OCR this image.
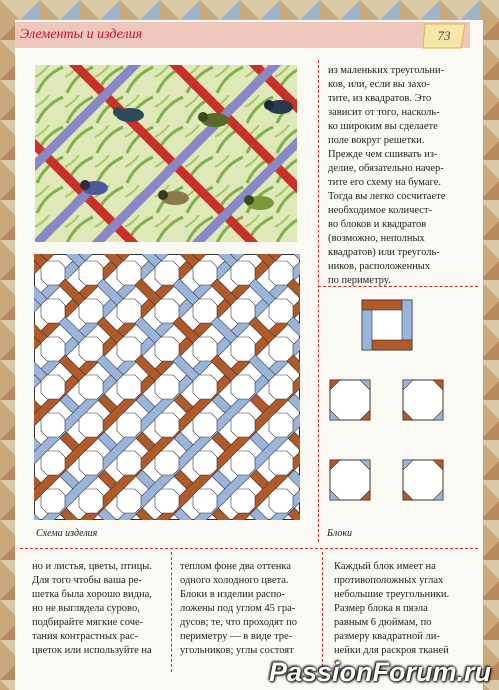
Элементы и изделия	73
Схема изделия

из маленьких треугольни-

ков, или, если вы захо-

тите, из квадратов. Это

зависит от того, насколь-

ко широким вы сделаете

поле вокруг решетки.

Прежде чем сшивать из-

делие, обязательно начер-

тите его схему на бумаге.

Тогда вы легко сосчитаете

необходимое количест-

во блоков и квадратов

(возможно, неполных

квадратов) или треуголь-

ников, расположенных

по периметру.

Блоки

но и листья, цветы, птицы.

Для того чтобы ваша ре-

шетка была хорошо видна,

но не выглядела сурово,

подбирайте мягкие соче-

тания контрастных рас-

цветок или используйте на

теплом фоне два оттенка

одного холодного цвета.

Блоки в изделии распо-

ложены под углом 45 гра-

дусов; те, что проходят по

периметру — в виде тре-

угольников; углы состоят

Каждый блок имеет на

противоположных углах

небольшие треугольники.

Размер блока в пяэла

равным 6 дюймам, по

размеру квадратной ли-

нейки для раскроя тканей

PassionForum.ru
